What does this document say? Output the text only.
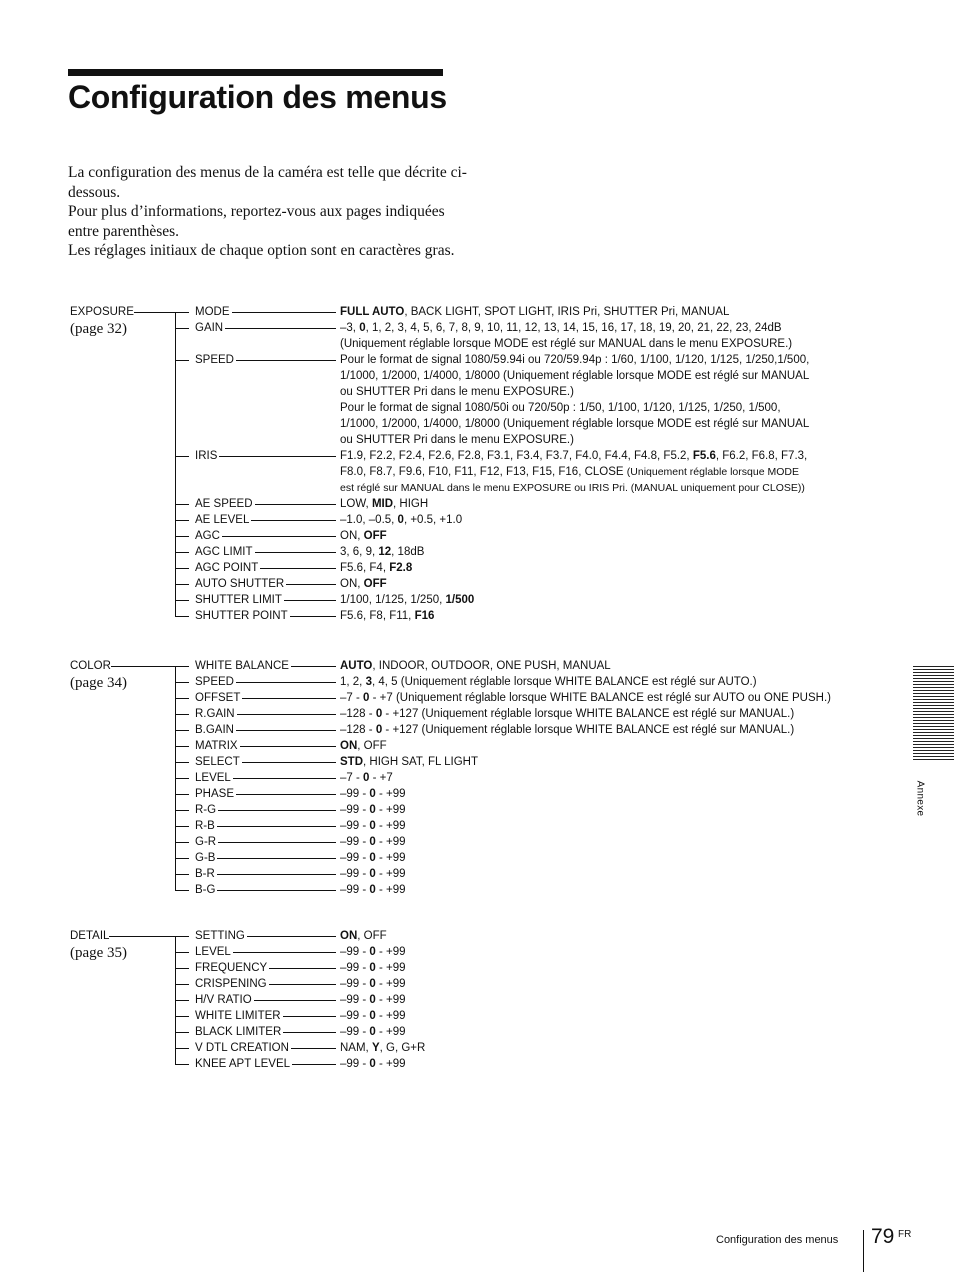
Configuration des menus

La configuration des menus de la caméra est telle que décrite ci-dessous.

Pour plus d’informations, reportez-vous aux pages indiquées entre parenthèses.

Les réglages initiaux de chaque option sont en caractères gras.

EXPOSURE
(page 32)
MODE	FULL AUTO, BACK LIGHT, SPOT LIGHT, IRIS Pri, SHUTTER Pri, MANUAL
GAIN	–3, 0, 1, 2, 3, 4, 5, 6, 7, 8, 9, 10, 11, 12, 13, 14, 15, 16, 17, 18, 19, 20, 21, 22, 23, 24dB
(Uniquement réglable lorsque MODE est réglé sur MANUAL dans le menu EXPOSURE.)
SPEED	Pour le format de signal 1080/59.94i ou 720/59.94p : 1/60, 1/100, 1/120, 1/125, 1/250,1/500,
1/1000, 1/2000, 1/4000, 1/8000 (Uniquement réglable lorsque MODE est réglé sur MANUAL
ou SHUTTER Pri dans le menu EXPOSURE.)
Pour le format de signal 1080/50i ou 720/50p : 1/50, 1/100, 1/120, 1/125, 1/250, 1/500,
1/1000, 1/2000, 1/4000, 1/8000 (Uniquement réglable lorsque MODE est réglé sur MANUAL
ou SHUTTER Pri dans le menu EXPOSURE.)
IRIS	F1.9, F2.2, F2.4, F2.6, F2.8, F3.1, F3.4, F3.7, F4.0, F4.4, F4.8, F5.2, F5.6, F6.2, F6.8, F7.3,
F8.0, F8.7, F9.6, F10, F11, F12, F13, F15, F16, CLOSE (Uniquement réglable lorsque MODE
est réglé sur MANUAL dans le menu EXPOSURE ou IRIS Pri. (MANUAL uniquement pour CLOSE))
AE SPEED	LOW, MID, HIGH
AE LEVEL	–1.0, –0.5, 0, +0.5, +1.0
AGC	ON, OFF
AGC LIMIT	3, 6, 9, 12, 18dB
AGC POINT	F5.6, F4, F2.8
AUTO SHUTTER	ON, OFF
SHUTTER LIMIT	1/100, 1/125, 1/250, 1/500
SHUTTER POINT	F5.6, F8, F11, F16
COLOR
(page 34)
WHITE BALANCE	AUTO, INDOOR, OUTDOOR, ONE PUSH, MANUAL
SPEED	1, 2, 3, 4, 5 (Uniquement réglable lorsque WHITE BALANCE est réglé sur AUTO.)
OFFSET	–7 - 0 - +7 (Uniquement réglable lorsque WHITE BALANCE est réglé sur AUTO ou ONE PUSH.)
R.GAIN	–128 - 0 - +127 (Uniquement réglable lorsque WHITE BALANCE est réglé sur MANUAL.)
B.GAIN	–128 - 0 - +127 (Uniquement réglable lorsque WHITE BALANCE est réglé sur MANUAL.)
MATRIX	ON, OFF
SELECT	STD, HIGH SAT, FL LIGHT
LEVEL	–7 - 0 - +7
PHASE	–99 - 0 - +99
R-G	–99 - 0 - +99
R-B	–99 - 0 - +99
G-R	–99 - 0 - +99
G-B	–99 - 0 - +99
B-R	–99 - 0 - +99
B-G	–99 - 0 - +99
DETAIL
(page 35)
SETTING	ON, OFF
LEVEL	–99 - 0 - +99
FREQUENCY	–99 - 0 - +99
CRISPENING	–99 - 0 - +99
H/V RATIO	–99 - 0 - +99
WHITE LIMITER	–99 - 0 - +99
BLACK LIMITER	–99 - 0 - +99
V DTL CREATION	NAM, Y, G, G+R
KNEE APT LEVEL	–99 - 0 - +99
Annexe
Configuration des menus 79 FR
